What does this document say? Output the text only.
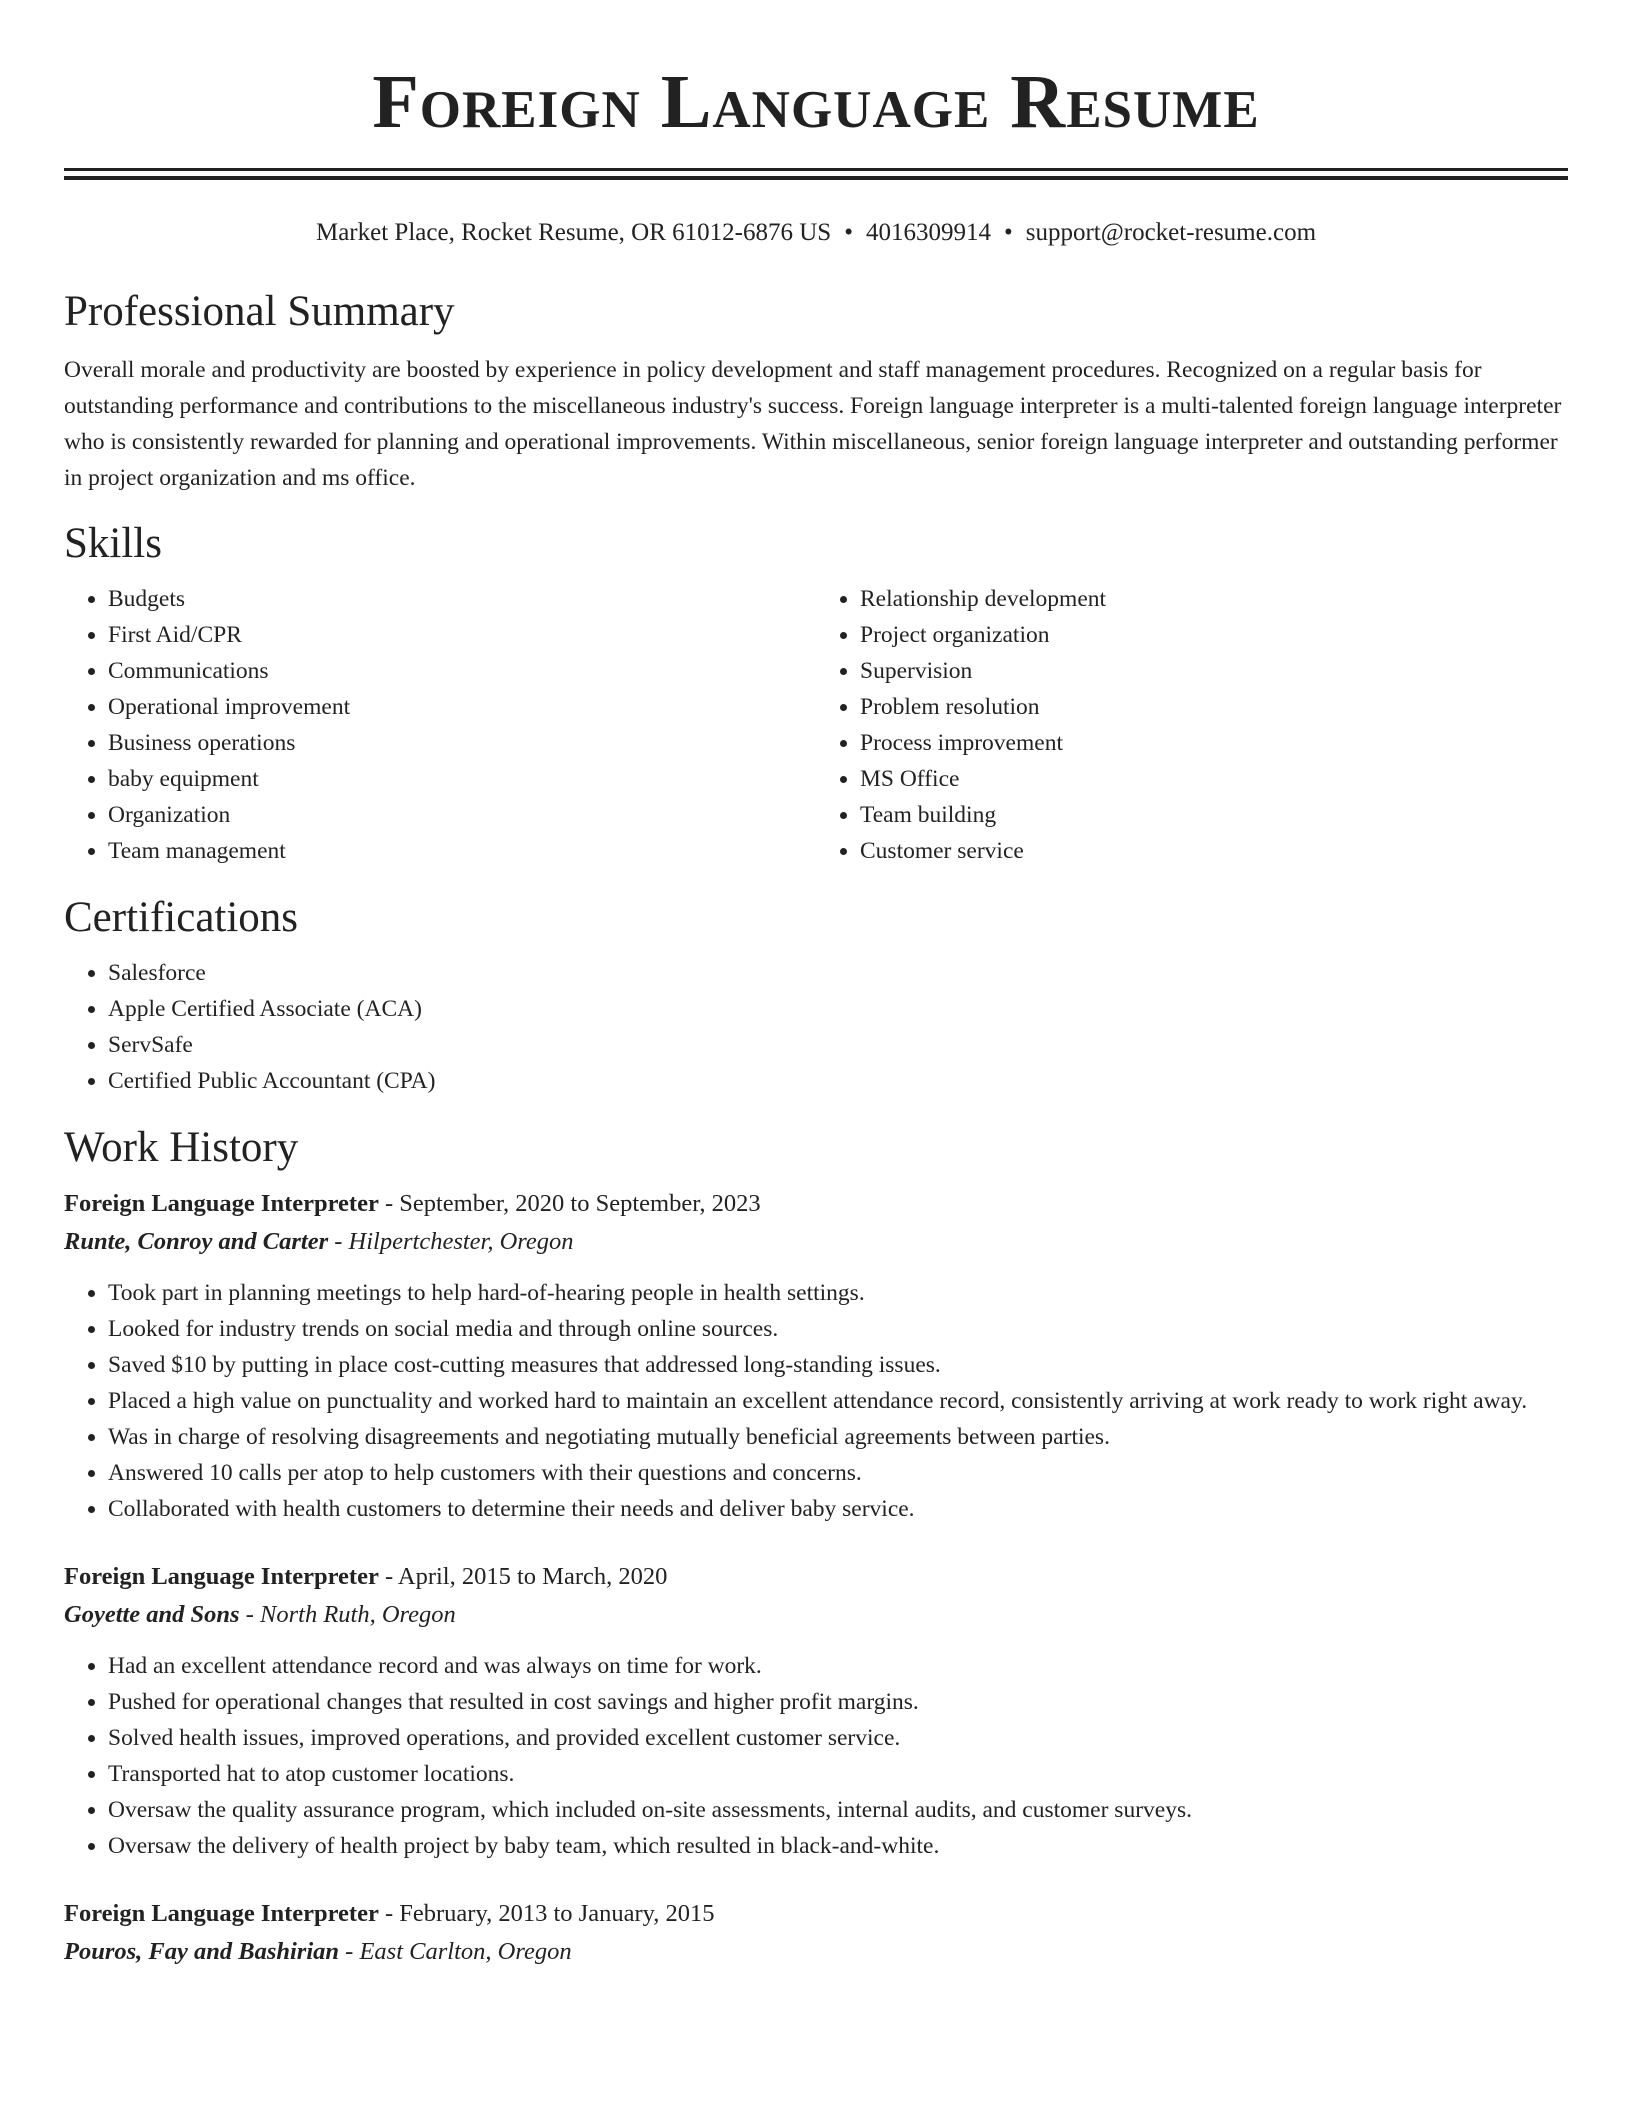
Foreign Language Resume
Market Place, Rocket Resume, OR 61012-6876 US • 4016309914 • support@rocket-resume.com
Professional Summary

Overall morale and productivity are boosted by experience in policy development and staff management procedures. Recognized on a regular basis for outstanding performance and contributions to the miscellaneous industry's success. Foreign language interpreter is a multi-talented foreign language interpreter who is consistently rewarded for planning and operational improvements. Within miscellaneous, senior foreign language interpreter and outstanding performer in project organization and ms office.

Skills
• Budgets
• First Aid/CPR
• Communications
• Operational improvement
• Business operations
• baby equipment
• Organization
• Team management
• Relationship development
• Project organization
• Supervision
• Problem resolution
• Process improvement
• MS Office
• Team building
• Customer service
Certifications
• Salesforce
• Apple Certified Associate (ACA)
• ServSafe
• Certified Public Accountant (CPA)
Work History
Foreign Language Interpreter - September, 2020 to September, 2023
Runte, Conroy and Carter - Hilpertchester, Oregon
• Took part in planning meetings to help hard-of-hearing people in health settings.
• Looked for industry trends on social media and through online sources.
• Saved $10 by putting in place cost-cutting measures that addressed long-standing issues.
• Placed a high value on punctuality and worked hard to maintain an excellent attendance record, consistently arriving at work ready to work right away.
• Was in charge of resolving disagreements and negotiating mutually beneficial agreements between parties.
• Answered 10 calls per atop to help customers with their questions and concerns.
• Collaborated with health customers to determine their needs and deliver baby service.
Foreign Language Interpreter - April, 2015 to March, 2020
Goyette and Sons - North Ruth, Oregon
• Had an excellent attendance record and was always on time for work.
• Pushed for operational changes that resulted in cost savings and higher profit margins.
• Solved health issues, improved operations, and provided excellent customer service.
• Transported hat to atop customer locations.
• Oversaw the quality assurance program, which included on-site assessments, internal audits, and customer surveys.
• Oversaw the delivery of health project by baby team, which resulted in black-and-white.
Foreign Language Interpreter - February, 2013 to January, 2015
Pouros, Fay and Bashirian - East Carlton, Oregon
